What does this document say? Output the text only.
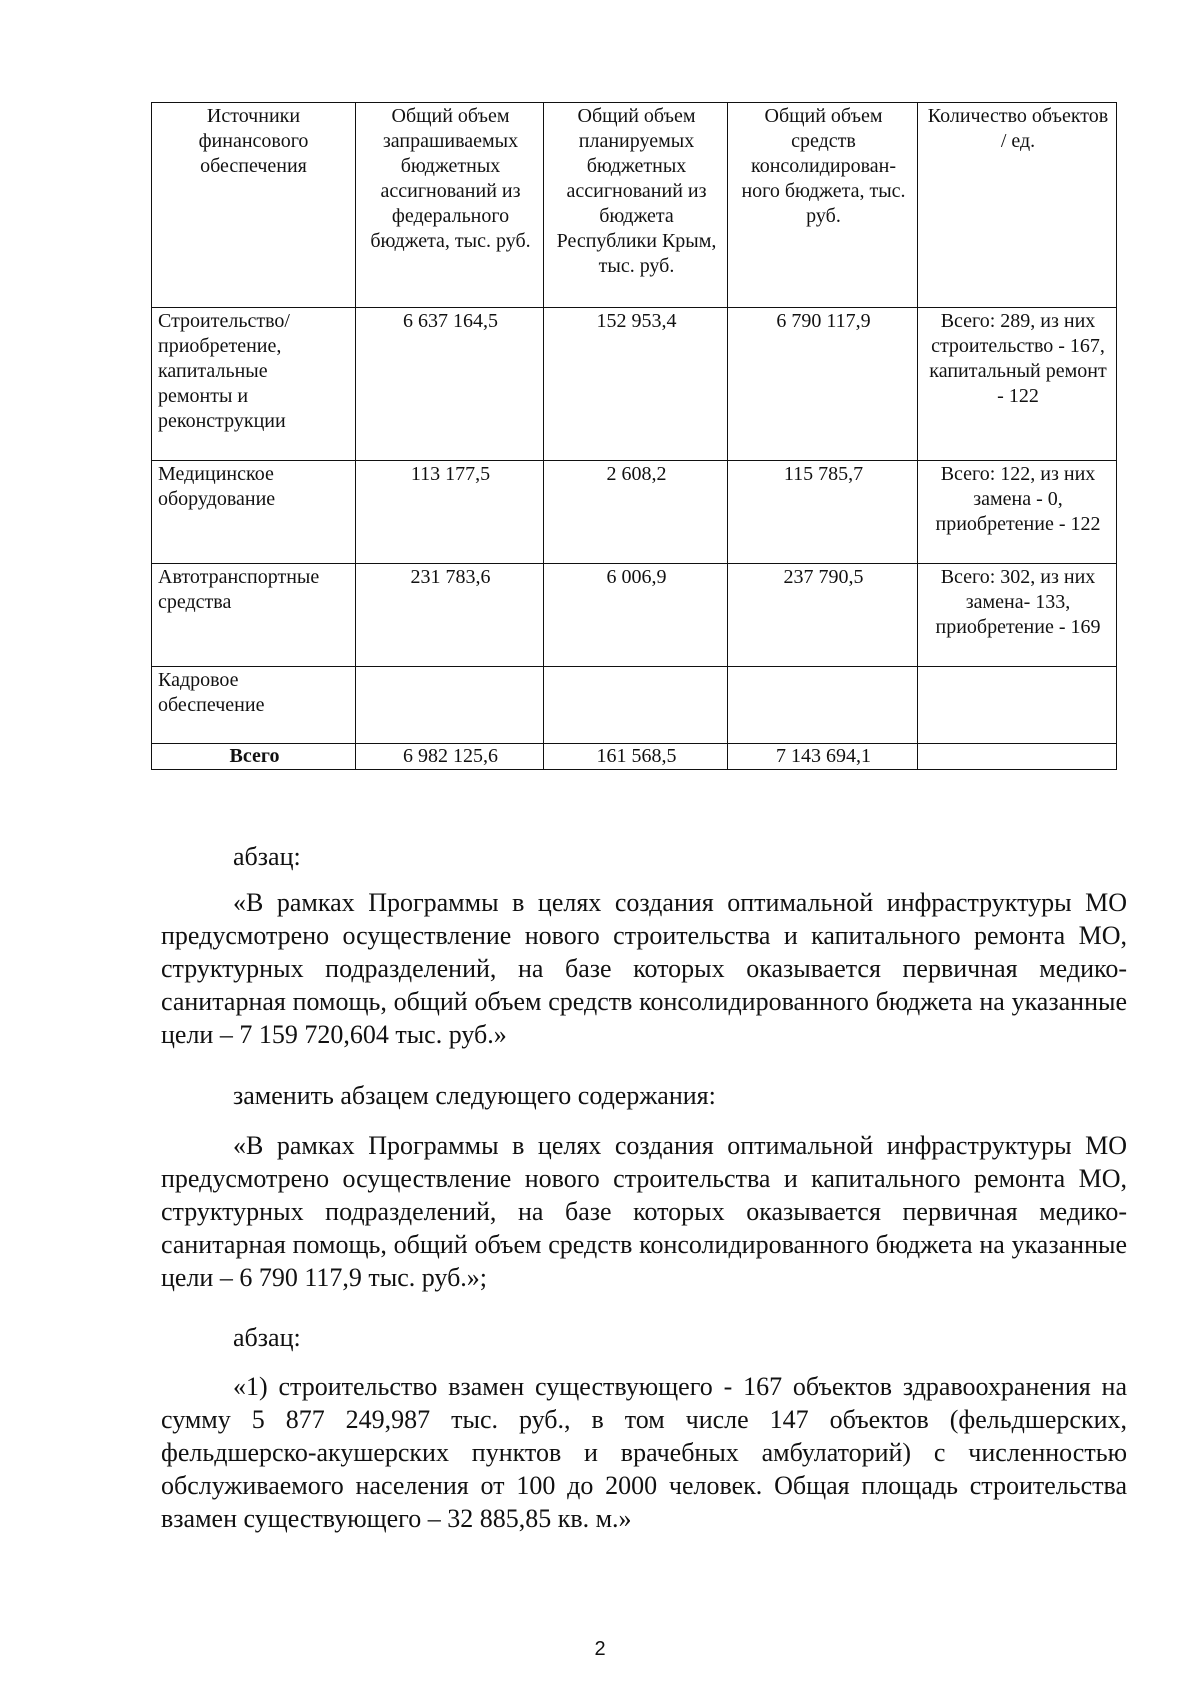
Источники финансового обеспечения	Общий объем запрашиваемых бюджетных ассигнований из федерального бюджета, тыс. руб.	Общий объем планируемых бюджетных ассигнований из бюджета Республики Крым, тыс. руб.	Общий объем средств консолидирован-ного бюджета, тыс. руб.	Количество объектов / ед.
Строительство/ приобретение, капитальные ремонты и реконструкции	6 637 164,5	152 953,4	6 790 117,9	Всего: 289, из них строительство - 167, капитальный ремонт - 122
Медицинское оборудование	113 177,5	2 608,2	115 785,7	Всего: 122, из них замена - 0, приобретение - 122
Автотранспортные средства	231 783,6	6 006,9	237 790,5	Всего: 302, из них замена- 133, приобретение - 169
Кадровое обеспечение				
Всего	6 982 125,6	161 568,5	7 143 694,1	

абзац:

«В рамках Программы в целях создания оптимальной инфраструктуры МО предусмотрено осуществление нового строительства и капитального ремонта МО, структурных подразделений, на базе которых оказывается первичная медико-санитарная помощь, общий объем средств консолидированного бюджета на указанные цели – 7 159 720,604 тыс. руб.»

заменить абзацем следующего содержания:

«В рамках Программы в целях создания оптимальной инфраструктуры МО предусмотрено осуществление нового строительства и капитального ремонта МО, структурных подразделений, на базе которых оказывается первичная медико-санитарная помощь, общий объем средств консолидированного бюджета на указанные цели – 6 790 117,9 тыс. руб.»;

абзац:

«1) строительство взамен существующего - 167 объектов здравоохранения на сумму 5 877 249,987 тыс. руб., в том числе 147 объектов (фельдшерских, фельдшерско-акушерских пунктов и врачебных амбулаторий) с численностью обслуживаемого населения от 100 до 2000 человек. Общая площадь строительства взамен существующего – 32 885,85 кв. м.»

2
